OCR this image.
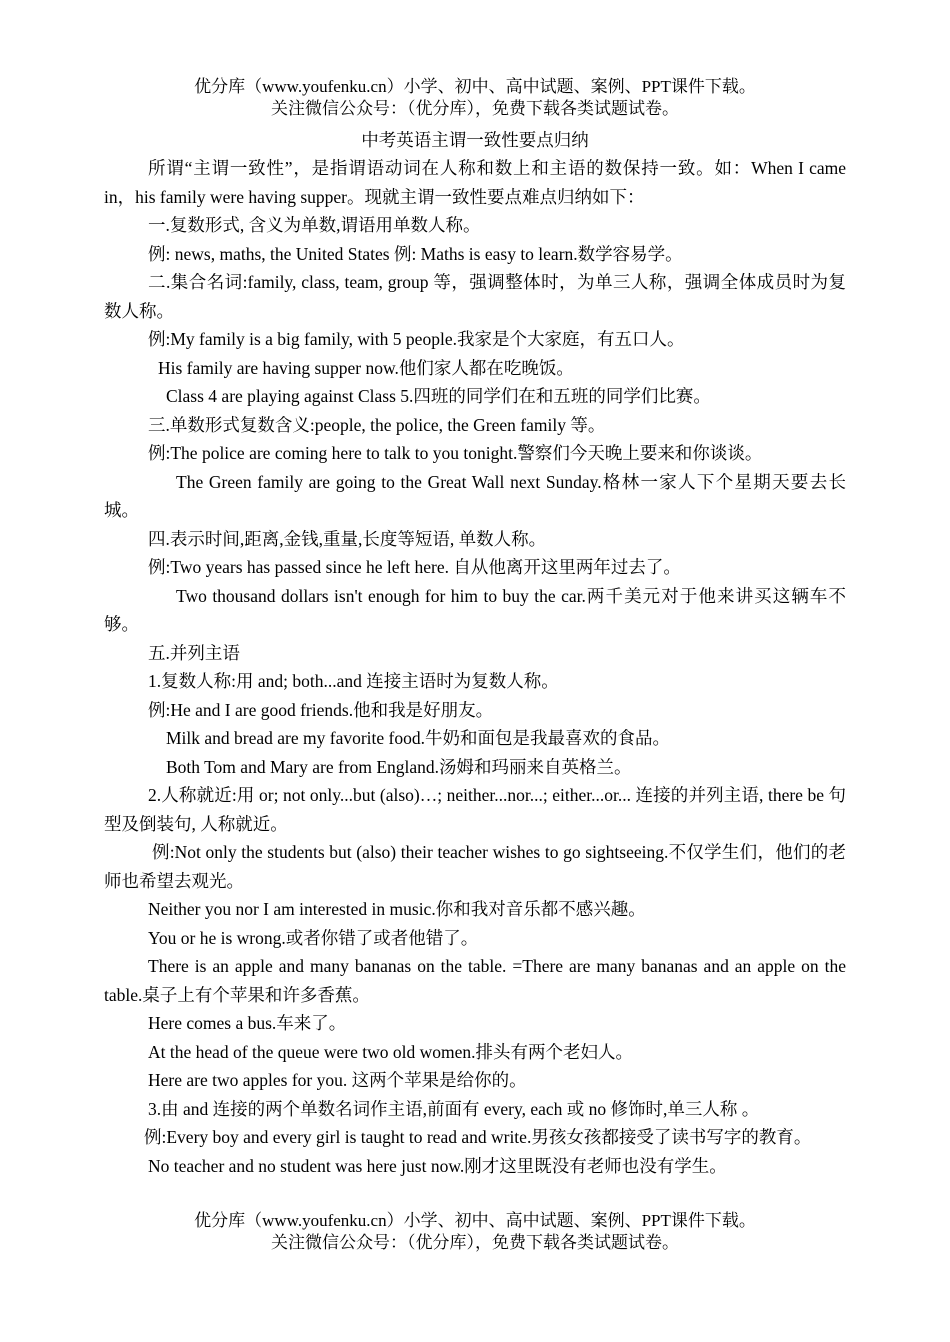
优分库（www.youfenku.cn）小学、初中、高中试题、案例、PPT课件下载。
关注微信公众号：（优分库），免费下载各类试题试卷。
中考英语主谓一致性要点归纳

所谓“主谓一致性”，是指谓语动词在人称和数上和主语的数保持一致。如：When I came in，his family were having supper。现就主谓一致性要点难点归纳如下：

一.复数形式, 含义为单数,谓语用单数人称。

例: news, maths, the United States 例: Maths is easy to learn.数学容易学。

二.集合名词:family, class, team, group 等，强调整体时，为单三人称，强调全体成员时为复数人称。

例:My family is a big family, with 5 people.我家是个大家庭，有五口人。

His family are having supper now.他们家人都在吃晚饭。

Class 4 are playing against Class 5.四班的同学们在和五班的同学们比赛。

三.单数形式复数含义:people, the police, the Green family 等。

例:The police are coming here to talk to you tonight.警察们今天晚上要来和你谈谈。

The Green family are going to the Great Wall next Sunday.格林一家人下个星期天要去长城。

四.表示时间,距离,金钱,重量,长度等短语, 单数人称。

例:Two years has passed since he left here. 自从他离开这里两年过去了。

Two thousand dollars isn't enough for him to buy the car.两千美元对于他来讲买这辆车不够。

五.并列主语

1.复数人称:用 and; both...and 连接主语时为复数人称。

例:He and I are good friends.他和我是好朋友。

Milk and bread are my favorite food.牛奶和面包是我最喜欢的食品。

Both Tom and Mary are from England.汤姆和玛丽来自英格兰。

2.人称就近:用 or; not only...but (also)…; neither...nor...; either...or... 连接的并列主语, there be 句型及倒装句, 人称就近。

例:Not only the students but (also) their teacher wishes to go sightseeing.不仅学生们，他们的老师也希望去观光。

Neither you nor I am interested in music.你和我对音乐都不感兴趣。

You or he is wrong.或者你错了或者他错了。

There is an apple and many bananas on the table. =There are many bananas and an apple on the table.桌子上有个苹果和许多香蕉。

Here comes a bus.车来了。

At the head of the queue were two old women.排头有两个老妇人。

Here are two apples for you. 这两个苹果是给你的。

3.由 and 连接的两个单数名词作主语,前面有 every, each 或 no 修饰时,单三人称 。

例:Every boy and every girl is taught to read and write.男孩女孩都接受了读书写字的教育。

No teacher and no student was here just now.刚才这里既没有老师也没有学生。

优分库（www.youfenku.cn）小学、初中、高中试题、案例、PPT课件下载。
关注微信公众号：（优分库），免费下载各类试题试卷。
